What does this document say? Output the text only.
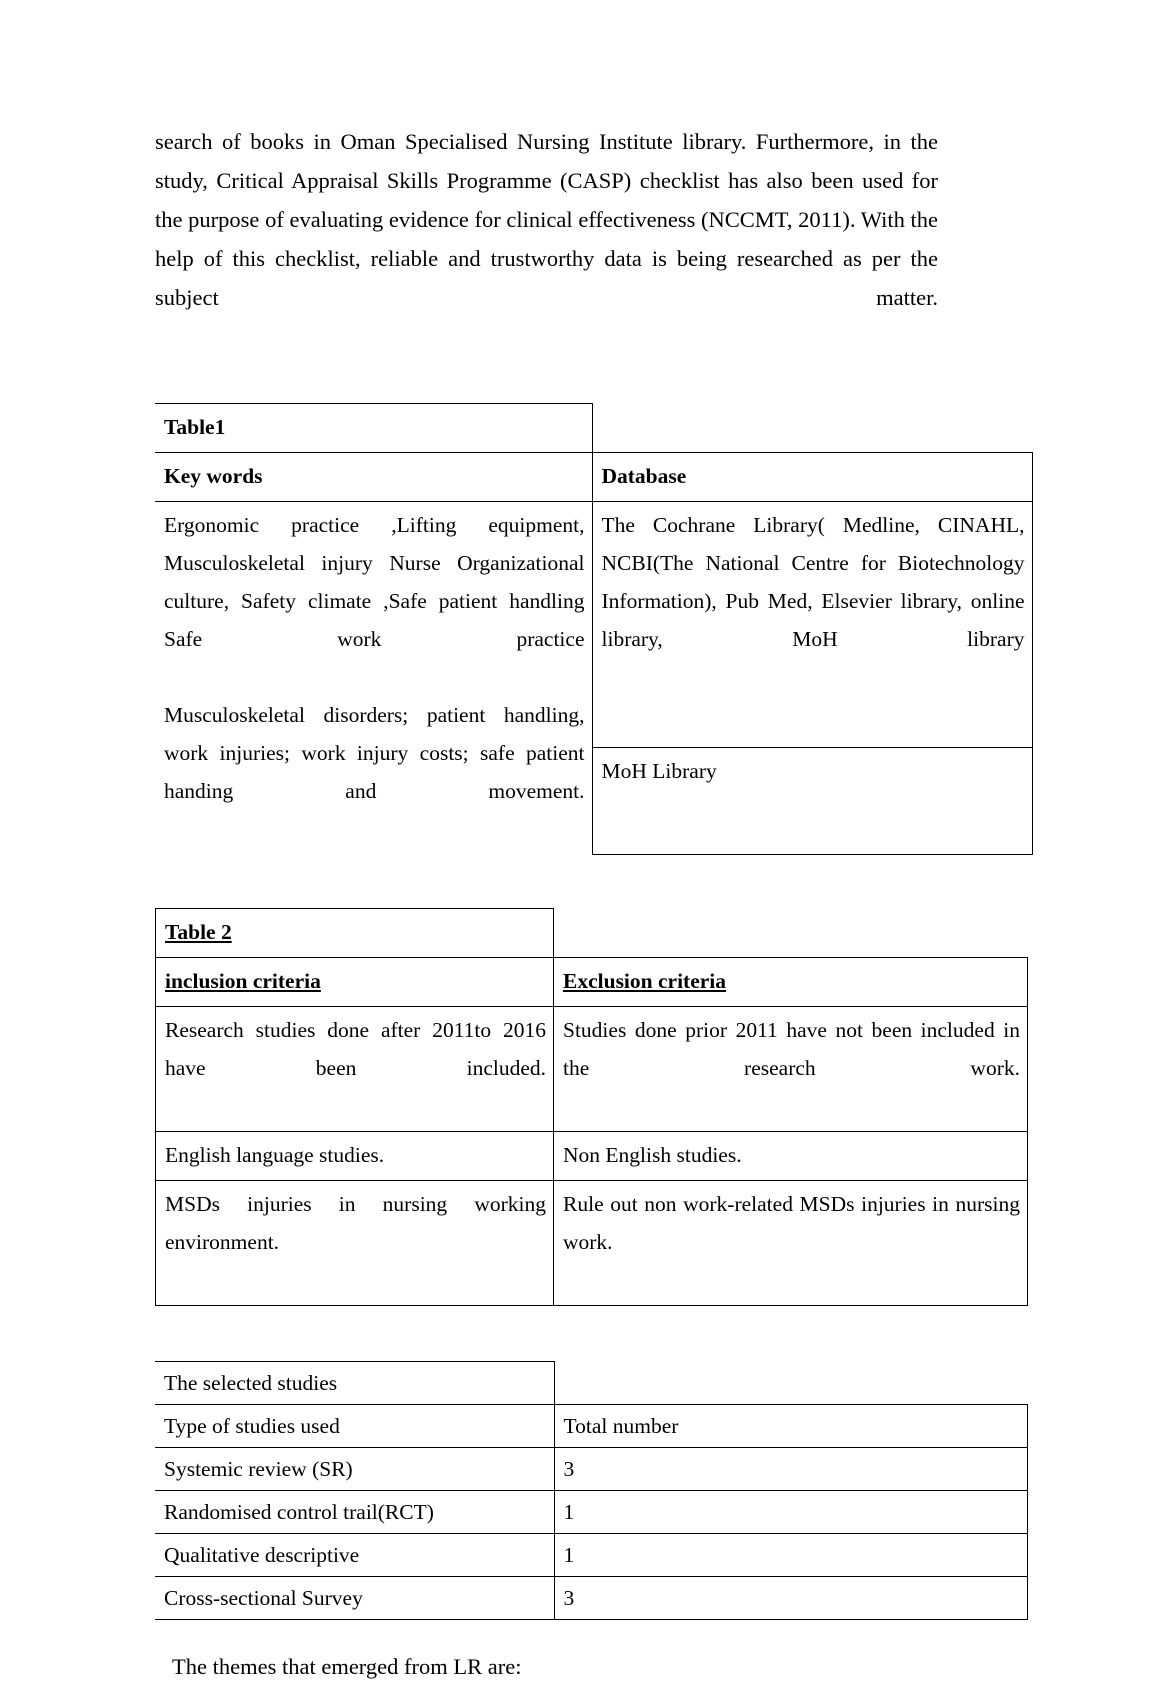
search of books in Oman Specialised Nursing Institute library. Furthermore, in the study, Critical Appraisal Skills Programme (CASP) checklist has also been used for the purpose of evaluating evidence for clinical effectiveness (NCCMT, 2011). With the help of this checklist, reliable and trustworthy data is being researched as per the subject matter.

Table1	
Key words	Database
Ergonomic practice ,Lifting equipment, Musculoskeletal injury Nurse Organizational culture, Safety climate ,Safe patient handling Safe work practice Musculoskeletal disorders; patient handling, work injuries; work injury costs; safe patient handing and movement.	The Cochrane Library( Medline, CINAHL, NCBI(The National Centre for Biotechnology Information), Pub Med, Elsevier library, online library, MoH library
	MoH Library
Table 2	
inclusion criteria	Exclusion criteria
Research studies done after 2011to 2016 have been included.	Studies done prior 2011 have not been included in the research work.
English language studies.	Non English studies.
MSDs injuries in nursing working environment.	Rule out non work-related MSDs injuries in nursing work.
The selected studies	
Type of studies used	Total number
Systemic review (SR)	3
Randomised control trail(RCT)	1
Qualitative descriptive	1
Cross-sectional Survey	3

The themes that emerged from LR are:
